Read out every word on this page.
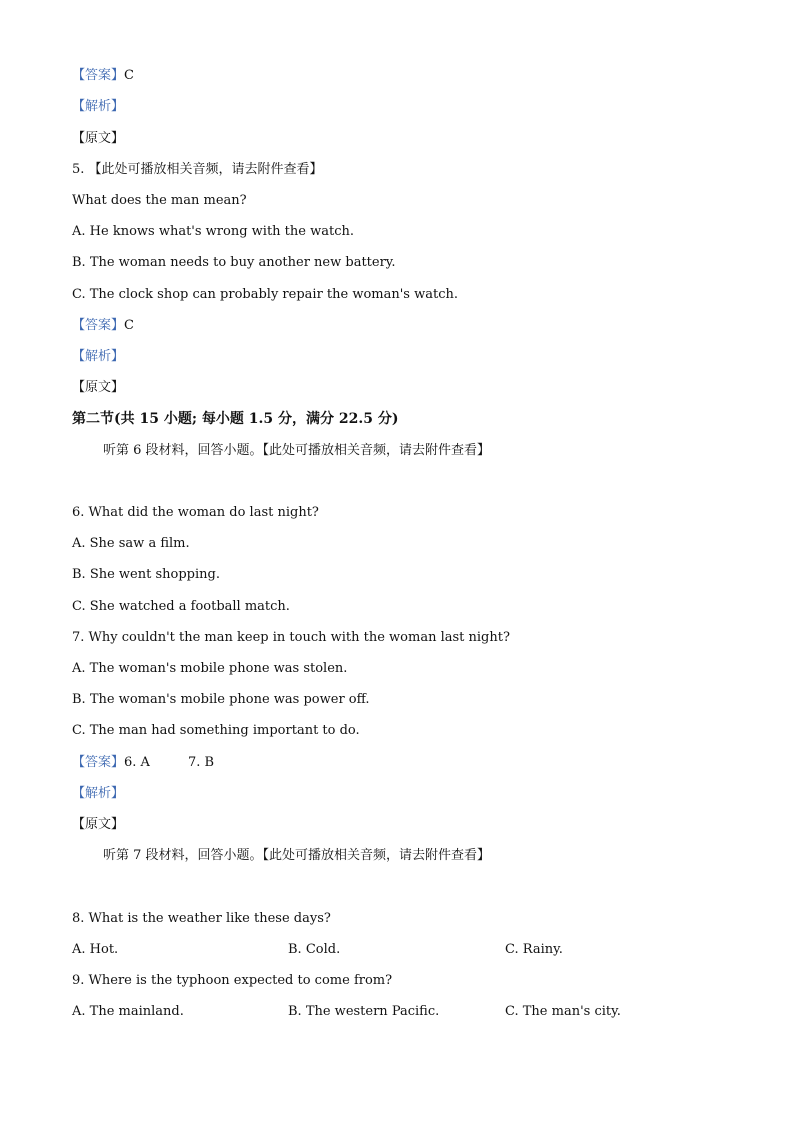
【答案】C
【解析】
【原文】
5. 【此处可播放相关音频，请去附件查看】
What does the man mean?
A. He knows what's wrong with the watch.
B. The woman needs to buy another new battery.
C. The clock shop can probably repair the woman's watch.
【答案】C
【解析】
【原文】
第二节(共 15 小题; 每小题 1.5 分，满分 22.5 分)
听第 6 段材料，回答小题。【此处可播放相关音频，请去附件查看】
6. What did the woman do last night?
A. She saw a film.
B. She went shopping.
C. She watched a football match.
7. Why couldn't the man keep in touch with the woman last night?
A. The woman's mobile phone was stolen.
B. The woman's mobile phone was power off.
C. The man had something important to do.
【答案】6. A	7. B
【解析】
【原文】
听第 7 段材料，回答小题。【此处可播放相关音频，请去附件查看】
8. What is the weather like these days?
A. Hot.	B. Cold.	C. Rainy.
9. Where is the typhoon expected to come from?
A. The mainland.	B. The western Pacific.	C. The man's city.
